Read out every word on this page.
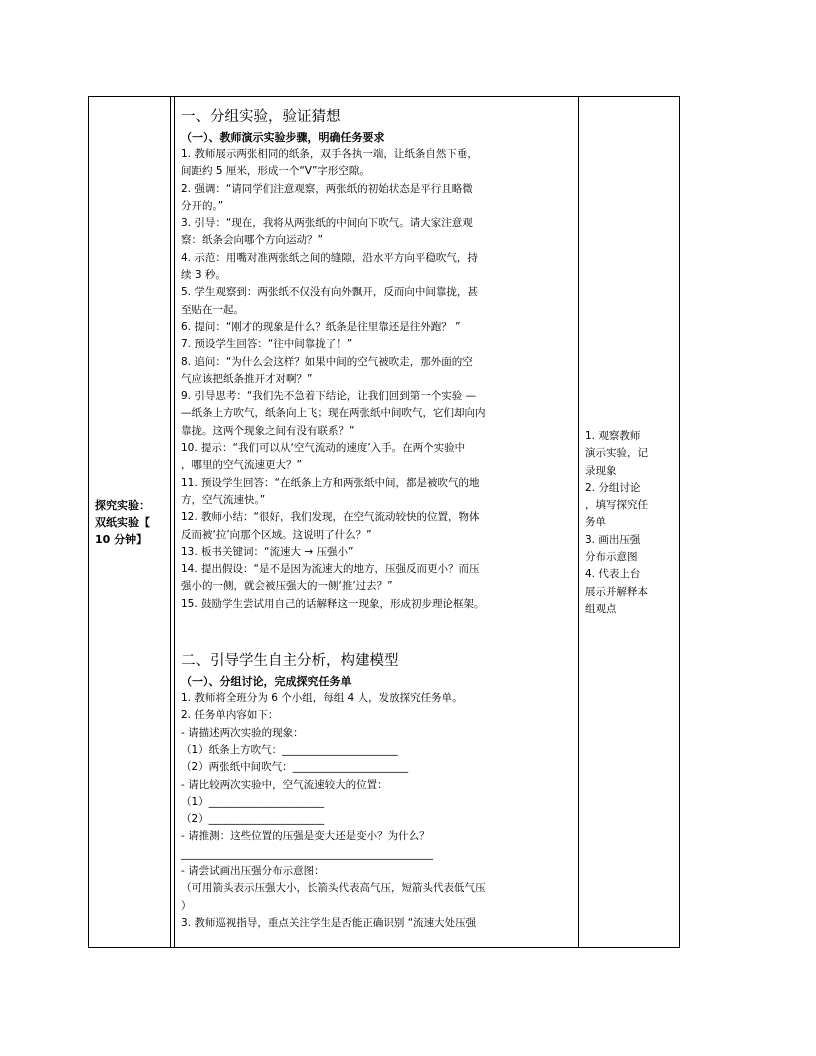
探究实验：
双纸实验【
10 分钟】

一、分组实验，验证猜想

（一）、教师演示实验步骤，明确任务要求

1. 教师展示两张相同的纸条，双手各执一端，让纸条自然下垂，

间距约 5 厘米，形成一个“V”字形空隙。

2. 强调：“请同学们注意观察，两张纸的初始状态是平行且略微

分开的。”

3. 引导：“现在，我将从两张纸的中间向下吹气。请大家注意观

察：纸条会向哪个方向运动？”

4. 示范：用嘴对准两张纸之间的缝隙，沿水平方向平稳吹气，持

续 3 秒。

5. 学生观察到：两张纸不仅没有向外飘开，反而向中间靠拢，甚

至贴在一起。

6. 提问：“刚才的现象是什么？纸条是往里靠还是往外跑？ ”

7. 预设学生回答：“往中间靠拢了！”

8. 追问：“为什么会这样？如果中间的空气被吹走，那外面的空

气应该把纸条推开才对啊？”

9. 引导思考：“我们先不急着下结论，让我们回到第一个实验 —

—纸条上方吹气，纸条向上飞；现在两张纸中间吹气，它们却向内

靠拢。这两个现象之间有没有联系？”

10. 提示：“我们可以从‘空气流动的速度’入手。在两个实验中

，哪里的空气流速更大？”

11. 预设学生回答：“在纸条上方和两张纸中间，都是被吹气的地

方，空气流速快。”

12. 教师小结：“很好，我们发现，在空气流动较快的位置，物体

反而被‘拉’向那个区域。这说明了什么？”

13. 板书关键词：“流速大 → 压强小”

14. 提出假设：“是不是因为流速大的地方，压强反而更小？而压

强小的一侧，就会被压强大的一侧‘推’过去？”

15. 鼓励学生尝试用自己的话解释这一现象，形成初步理论框架。

二、引导学生自主分析，构建模型

（一）、分组讨论，完成探究任务单

1. 教师将全班分为 6 个小组，每组 4 人，发放探究任务单。

2. 任务单内容如下：

- 请描述两次实验的现象：

（1）纸条上方吹气：______________________

（2）两张纸中间吹气：______________________

- 请比较两次实验中，空气流速较大的位置：

（1）______________________

（2）______________________

- 请推测：这些位置的压强是变大还是变小？为什么？

________________________________________________

- 请尝试画出压强分布示意图：

（可用箭头表示压强大小，长箭头代表高气压，短箭头代表低气压

）

3. 教师巡视指导，重点关注学生是否能正确识别 “流速大处压强

1. 观察教师

演示实验，记

录现象

2. 分组讨论

，填写探究任

务单

3. 画出压强

分布示意图

4. 代表上台

展示并解释本

组观点
